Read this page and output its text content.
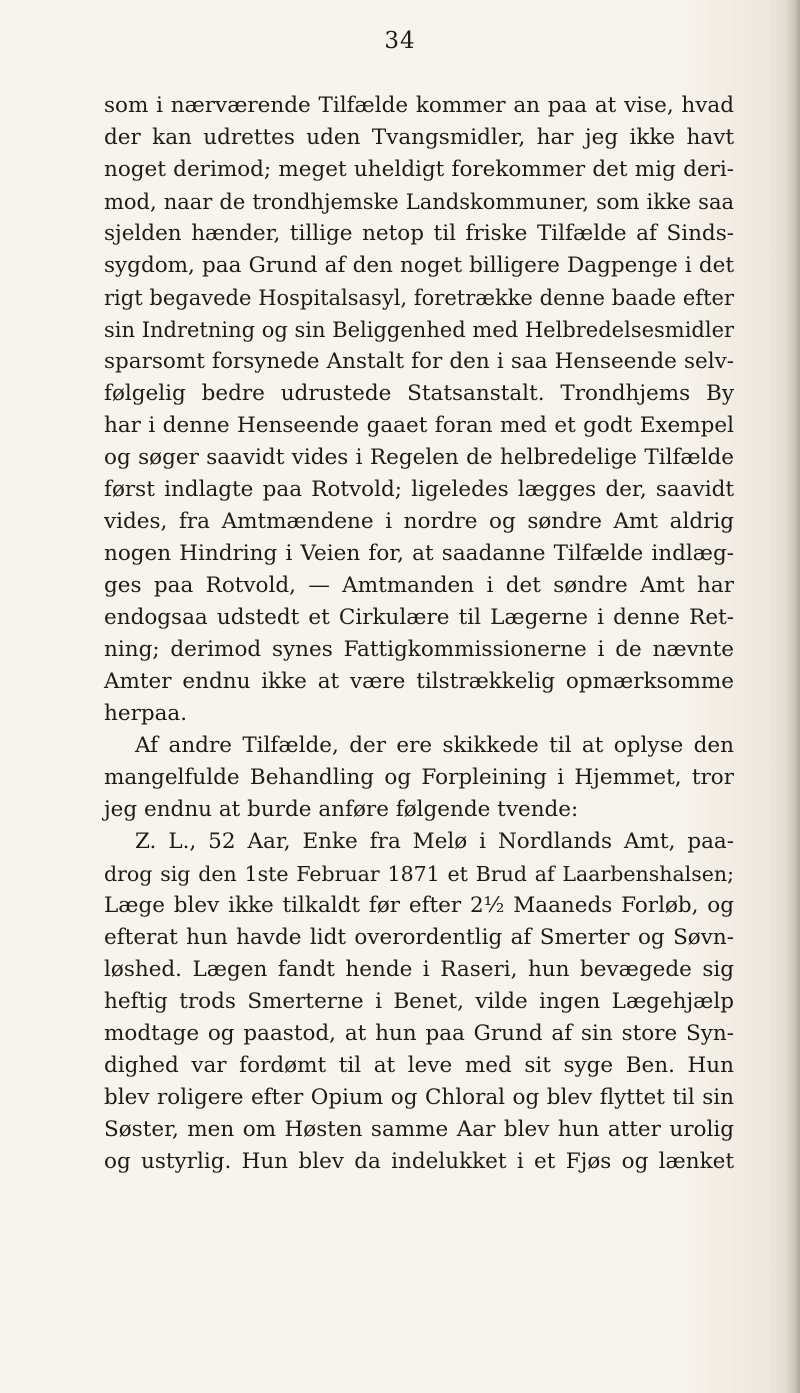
34
som i nærværende Tilfælde kommer an paa at vise, hvad
der kan udrettes uden Tvangsmidler, har jeg ikke havt
noget derimod; meget uheldigt forekommer det mig deri-
mod, naar de trondhjemske Landskommuner, som ikke saa
sjelden hænder, tillige netop til friske Tilfælde af Sinds-
sygdom, paa Grund af den noget billigere Dagpenge i det
rigt begavede Hospitalsasyl, foretrække denne baade efter
sin Indretning og sin Beliggenhed med Helbredelsesmidler
sparsomt forsynede Anstalt for den i saa Henseende selv-
følgelig bedre udrustede Statsanstalt. Trondhjems By
har i denne Henseende gaaet foran med et godt Exempel
og søger saavidt vides i Regelen de helbredelige Tilfælde
først indlagte paa Rotvold; ligeledes lægges der, saavidt
vides, fra Amtmændene i nordre og søndre Amt aldrig
nogen Hindring i Veien for, at saadanne Tilfælde indlæg-
ges paa Rotvold, — Amtmanden i det søndre Amt har
endogsaa udstedt et Cirkulære til Lægerne i denne Ret-
ning; derimod synes Fattigkommissionerne i de nævnte
Amter endnu ikke at være tilstrækkelig opmærksomme
herpaa.
Af andre Tilfælde, der ere skikkede til at oplyse den
mangelfulde Behandling og Forpleining i Hjemmet, tror
jeg endnu at burde anføre følgende tvende:
Z. L., 52 Aar, Enke fra Melø i Nordlands Amt, paa-
drog sig den 1ste Februar 1871 et Brud af Laarbenshalsen;
Læge blev ikke tilkaldt før efter 2½ Maaneds Forløb, og
efterat hun havde lidt overordentlig af Smerter og Søvn-
løshed. Lægen fandt hende i Raseri, hun bevægede sig
heftig trods Smerterne i Benet, vilde ingen Lægehjælp
modtage og paastod, at hun paa Grund af sin store Syn-
dighed var fordømt til at leve med sit syge Ben. Hun
blev roligere efter Opium og Chloral og blev flyttet til sin
Søster, men om Høsten samme Aar blev hun atter urolig
og ustyrlig. Hun blev da indelukket i et Fjøs og lænket
